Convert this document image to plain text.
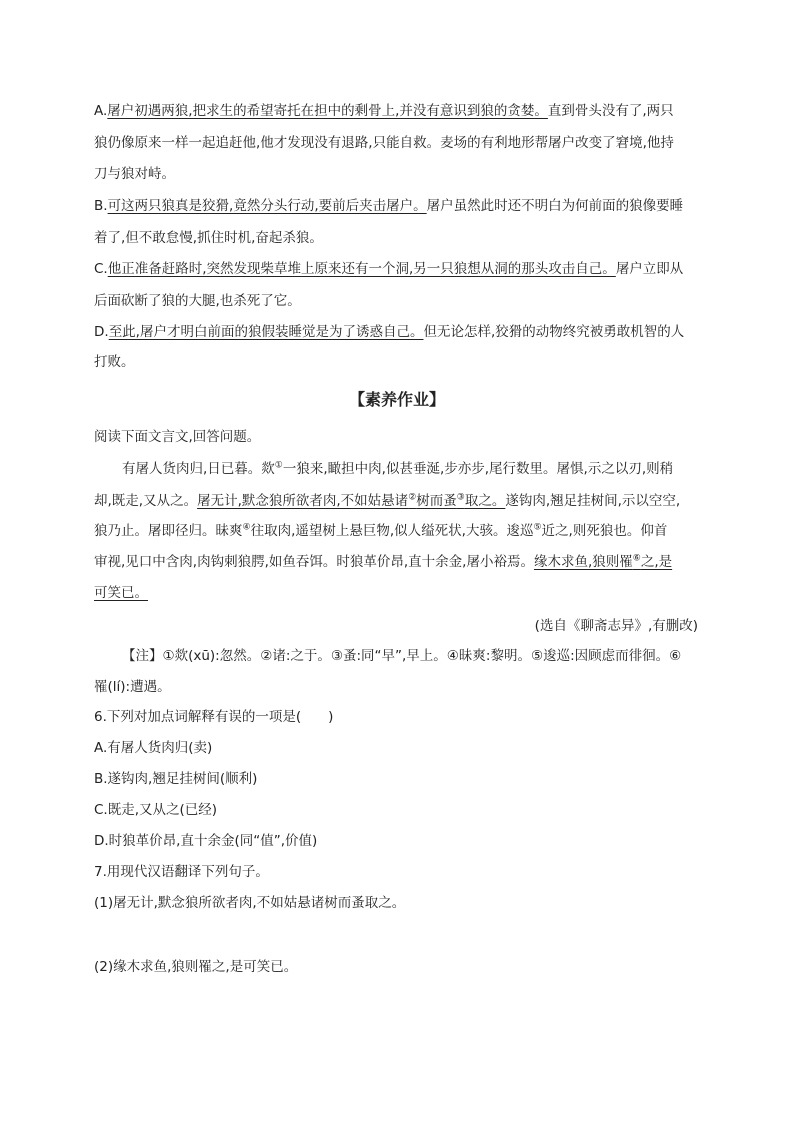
A.屠户初遇两狼,把求生的希望寄托在担中的剩骨上,并没有意识到狼的贪婪。直到骨头没有了,两只
狼仍像原来一样一起追赶他,他才发现没有退路,只能自救。麦场的有利地形帮屠户改变了窘境,他持
刀与狼对峙。
B.可这两只狼真是狡猾,竟然分头行动,要前后夹击屠户。屠户虽然此时还不明白为何前面的狼像要睡
着了,但不敢怠慢,抓住时机,奋起杀狼。
C.他正准备赶路时,突然发现柴草堆上原来还有一个洞,另一只狼想从洞的那头攻击自己。屠户立即从
后面砍断了狼的大腿,也杀死了它。
D.至此,屠户才明白前面的狼假装睡觉是为了诱惑自己。但无论怎样,狡猾的动物终究被勇敢机智的人
打败。
【素养作业】
阅读下面文言文,回答问题。
有屠人货肉归,日已暮。欻①一狼来,瞰担中肉,似甚垂涎,步亦步,尾行数里。屠惧,示之以刃,则稍
却,既走,又从之。屠无计,默念狼所欲者肉,不如姑悬诸②树而蚤③取之。遂钩肉,翘足挂树间,示以空空,
狼乃止。屠即径归。昧爽④往取肉,遥望树上悬巨物,似人缢死状,大骇。逡巡⑤近之,则死狼也。仰首
审视,见口中含肉,肉钩刺狼腭,如鱼吞饵。时狼革价昂,直十余金,屠小裕焉。缘木求鱼,狼则罹⑥之,是
可笑已。
(选自《聊斋志异》,有删改)
【注】①欻(xū):忽然。②诸:之于。③蚤:同“早”,早上。④昧爽:黎明。⑤逡巡:因顾虑而徘徊。⑥
罹(lí):遭遇。
6.下列对加点词解释有误的一项是(　　)
A.有屠人货肉归(卖)
B.遂钩肉,翘足挂树间(顺利)
C.既走,又从之(已经)
D.时狼革价昂,直十余金(同“值”,价值)
7.用现代汉语翻译下列句子。
(1)屠无计,默念狼所欲者肉,不如姑悬诸树而蚤取之。
(2)缘木求鱼,狼则罹之,是可笑已。
